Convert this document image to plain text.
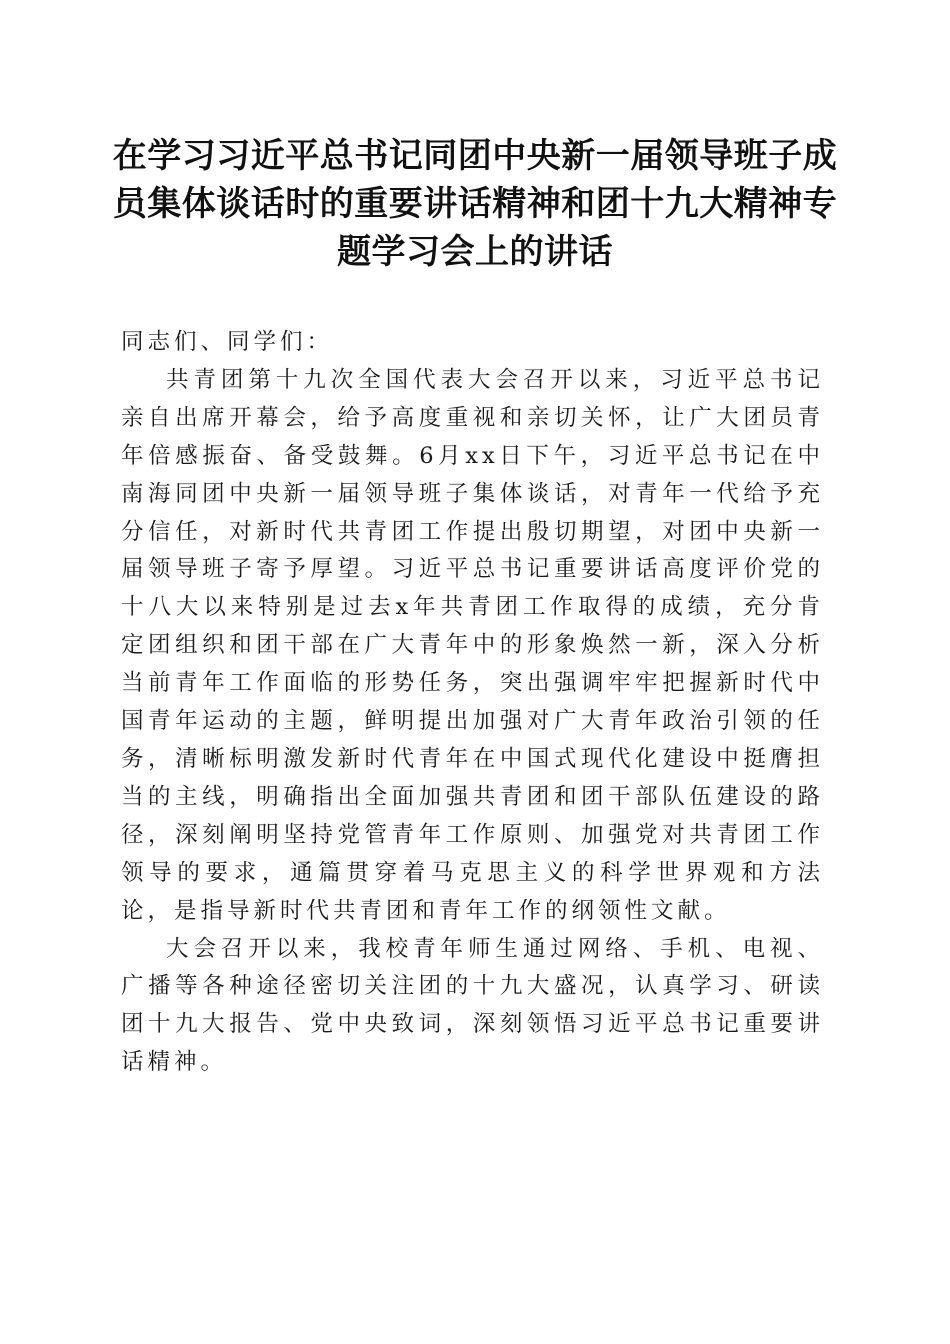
在学习习近平总书记同团中央新一届领导班子成员集体谈话时的重要讲话精神和团十九大精神专题学习会上的讲话

同志们、同学们：

共青团第十九次全国代表大会召开以来，习近平总书记亲自出席开幕会，给予高度重视和亲切关怀，让广大团员青年倍感振奋、备受鼓舞。6月xx日下午，习近平总书记在中南海同团中央新一届领导班子集体谈话，对青年一代给予充分信任，对新时代共青团工作提出殷切期望，对团中央新一届领导班子寄予厚望。习近平总书记重要讲话高度评价党的十八大以来特别是过去x年共青团工作取得的成绩，充分肯定团组织和团干部在广大青年中的形象焕然一新，深入分析当前青年工作面临的形势任务，突出强调牢牢把握新时代中国青年运动的主题，鲜明提出加强对广大青年政治引领的任务，清晰标明激发新时代青年在中国式现代化建设中挺膺担当的主线，明确指出全面加强共青团和团干部队伍建设的路径，深刻阐明坚持党管青年工作原则、加强党对共青团工作领导的要求，通篇贯穿着马克思主义的科学世界观和方法论，是指导新时代共青团和青年工作的纲领性文献。

大会召开以来，我校青年师生通过网络、手机、电视、广播等各种途径密切关注团的十九大盛况，认真学习、研读团十九大报告、党中央致词，深刻领悟习近平总书记重要讲话精神。
